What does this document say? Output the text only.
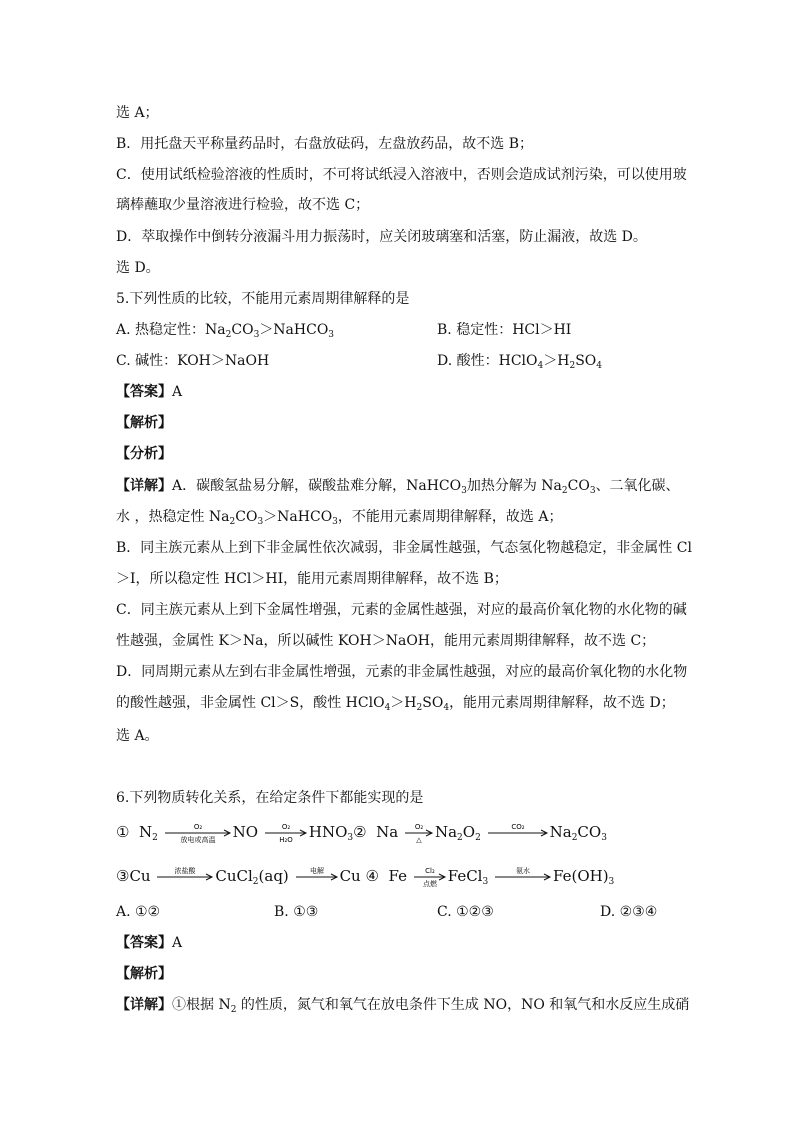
选 A；
B．用托盘天平称量药品时，右盘放砝码，左盘放药品，故不选 B；
C．使用试纸检验溶液的性质时，不可将试纸浸入溶液中，否则会造成试剂污染，可以使用玻
璃棒蘸取少量溶液进行检验，故不选 C；
D．萃取操作中倒转分液漏斗用力振荡时，应关闭玻璃塞和活塞，防止漏液，故选 D。
选 D。
5.下列性质的比较，不能用元素周期律解释的是
A. 热稳定性：$Na_2CO_3>NaHCO_3$	B. 稳定性：HCl＞HI
C. 碱性：KOH＞NaOH	D. 酸性：$HClO_4>H_2SO_4$
【答案】A
【解析】
【分析】
【详解】A．碳酸氢盐易分解，碳酸盐难分解，NaHCO$_3$加热分解为 $Na_2CO_3$、二氧化碳、
水 ，热稳定性 $Na_2CO_3>NaHCO_3$，不能用元素周期律解释，故选 A；
B．同主族元素从上到下非金属性依次减弱，非金属性越强，气态氢化物越稳定，非金属性 Cl
＞I，所以稳定性 HCl＞HI，能用元素周期律解释，故不选 B；
C．同主族元素从上到下金属性增强，元素的金属性越强，对应的最高价氧化物的水化物的碱
性越强，金属性 K＞Na，所以碱性 KOH＞NaOH，能用元素周期律解释，故不选 C；
D．同周期元素从左到右非金属性增强，元素的非金属性越强，对应的最高价氧化物的水化物
的酸性越强，非金属性 Cl＞S，酸性 $HClO_4>H_2SO_4$，能用元素周期律解释，故不选 D；
选 A。
6.下列物质转化关系，在给定条件下都能实现的是
① $N_2$
O₂
放电或高温 NO	O₂
H₂O $HNO_3②$ Na O₂
△ $Na_2O_2$
CO₂ $Na_2CO_3$
③Cu	浓盐酸 CuCl$_2$(aq)	电解 Cu ④ Fe	Cl₂
点燃 FeCl$_3$
氨水 $Fe(OH)_3$
A. ①②	B. ①③	C. ①②③	D. ②③④
【答案】A
【解析】
【详解】①根据 $N_2$ 的性质，氮气和氧气在放电条件下生成 NO，NO 和氧气和水反应生成硝
